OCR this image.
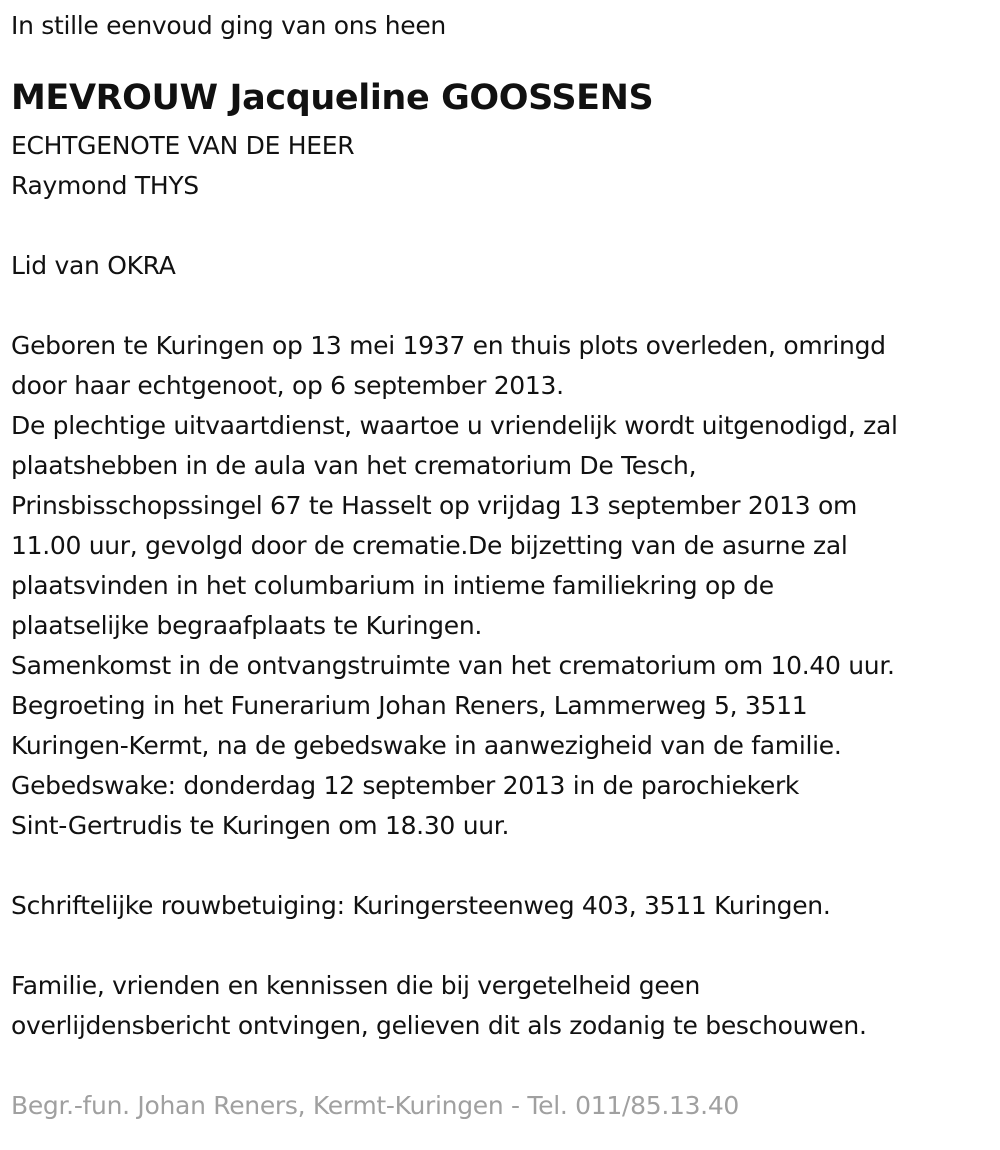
In stille eenvoud ging van ons heen
MEVROUW Jacqueline GOOSSENS
ECHTGENOTE VAN DE HEER
Raymond THYS
Lid van OKRA
Geboren te Kuringen op 13 mei 1937 en thuis plots overleden, omringd
door haar echtgenoot, op 6 september 2013.
De plechtige uitvaartdienst, waartoe u vriendelijk wordt uitgenodigd, zal
plaatshebben in de aula van het crematorium De Tesch,
Prinsbisschopssingel 67 te Hasselt op vrijdag 13 september 2013 om
11.00 uur, gevolgd door de crematie.De bijzetting van de asurne zal
plaatsvinden in het columbarium in intieme familiekring op de
plaatselijke begraafplaats te Kuringen.
Samenkomst in de ontvangstruimte van het crematorium om 10.40 uur.
Begroeting in het Funerarium Johan Reners, Lammerweg 5, 3511
Kuringen-Kermt, na de gebedswake in aanwezigheid van de familie.
Gebedswake: donderdag 12 september 2013 in de parochiekerk
Sint-Gertrudis te Kuringen om 18.30 uur.
Schriftelijke rouwbetuiging: Kuringersteenweg 403, 3511 Kuringen.
Familie, vrienden en kennissen die bij vergetelheid geen
overlijdensbericht ontvingen, gelieven dit als zodanig te beschouwen.
Begr.-fun. Johan Reners, Kermt-Kuringen - Tel. 011/85.13.40
